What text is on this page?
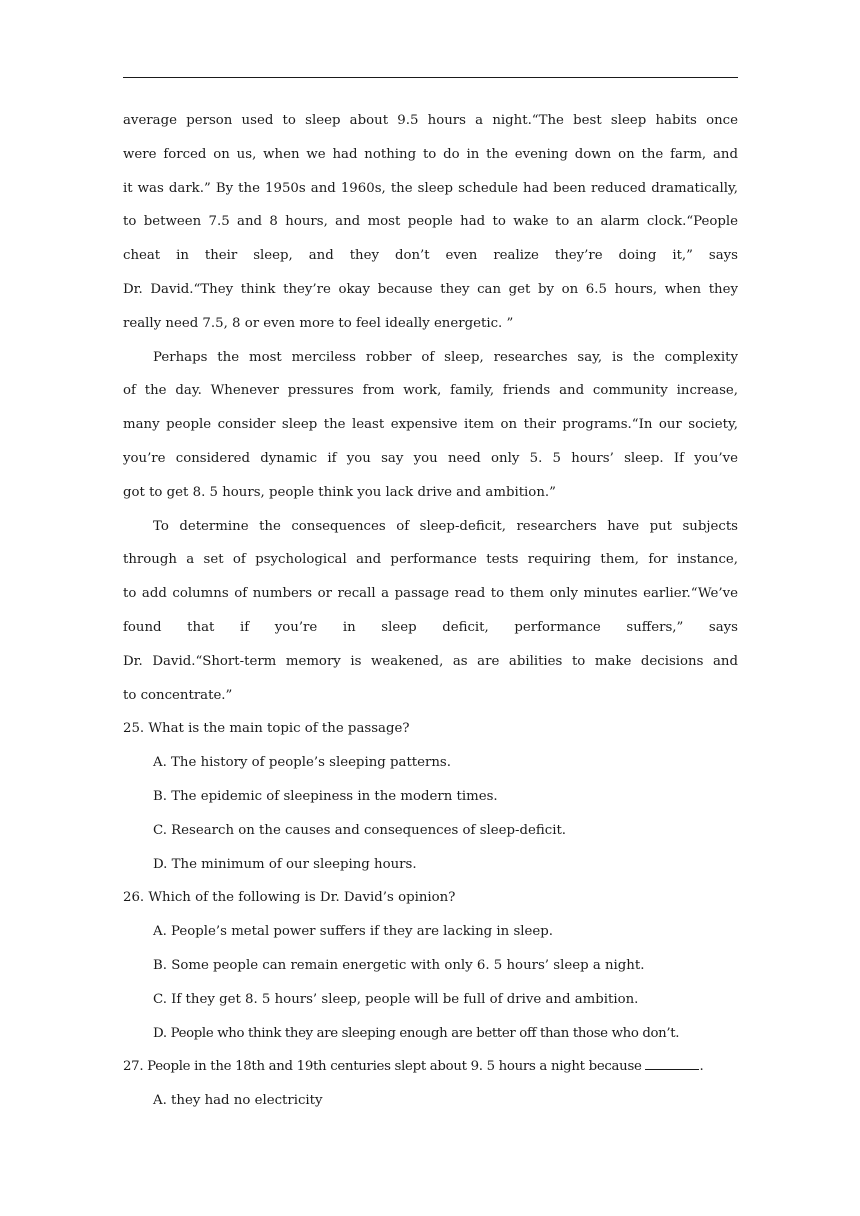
average person used to sleep about 9.5 hours a night.“The best sleep habits once
were forced on us, when we had nothing to do in the evening down on the farm, and
it was dark.” By the 1950s and 1960s, the sleep schedule had been reduced dramatically,
to between 7.5 and 8 hours, and most people had to wake to an alarm clock.“People
cheat in their sleep, and they don’t even realize they’re doing it,” says
Dr. David.“They think they’re okay because they can get by on 6.5 hours, when they
really need 7.5, 8 or even more to feel ideally energetic. ”
Perhaps the most merciless robber of sleep, researches say, is the complexity
of the day. Whenever pressures from work, family, friends and community increase,
many people consider sleep the least expensive item on their programs.“In our society,
you’re considered dynamic if you say you need only 5. 5 hours’ sleep. If you’ve
got to get 8. 5 hours, people think you lack drive and ambition.”
To determine the consequences of sleep-deficit, researchers have put subjects
through a set of psychological and performance tests requiring them, for instance,
to add columns of numbers or recall a passage read to them only minutes earlier.“We’ve
found that if you’re in sleep deficit, performance suffers,” says
Dr. David.“Short-term memory is weakened, as are abilities to make decisions and
to concentrate.”
25. What is the main topic of the passage?
A. The history of people’s sleeping patterns.
B. The epidemic of sleepiness in the modern times.
C. Research on the causes and consequences of sleep-deficit.
D. The minimum of our sleeping hours.
26. Which of the following is Dr. David’s opinion?
A. People’s metal power suffers if they are lacking in sleep.
B. Some people can remain energetic with only 6. 5 hours’ sleep a night.
C. If they get 8. 5 hours’ sleep, people will be full of drive and ambition.
D. People who think they are sleeping enough are better off than those who don’t.
27. People in the 18th and 19th centuries slept about 9. 5 hours a night because	.
A. they had no electricity
